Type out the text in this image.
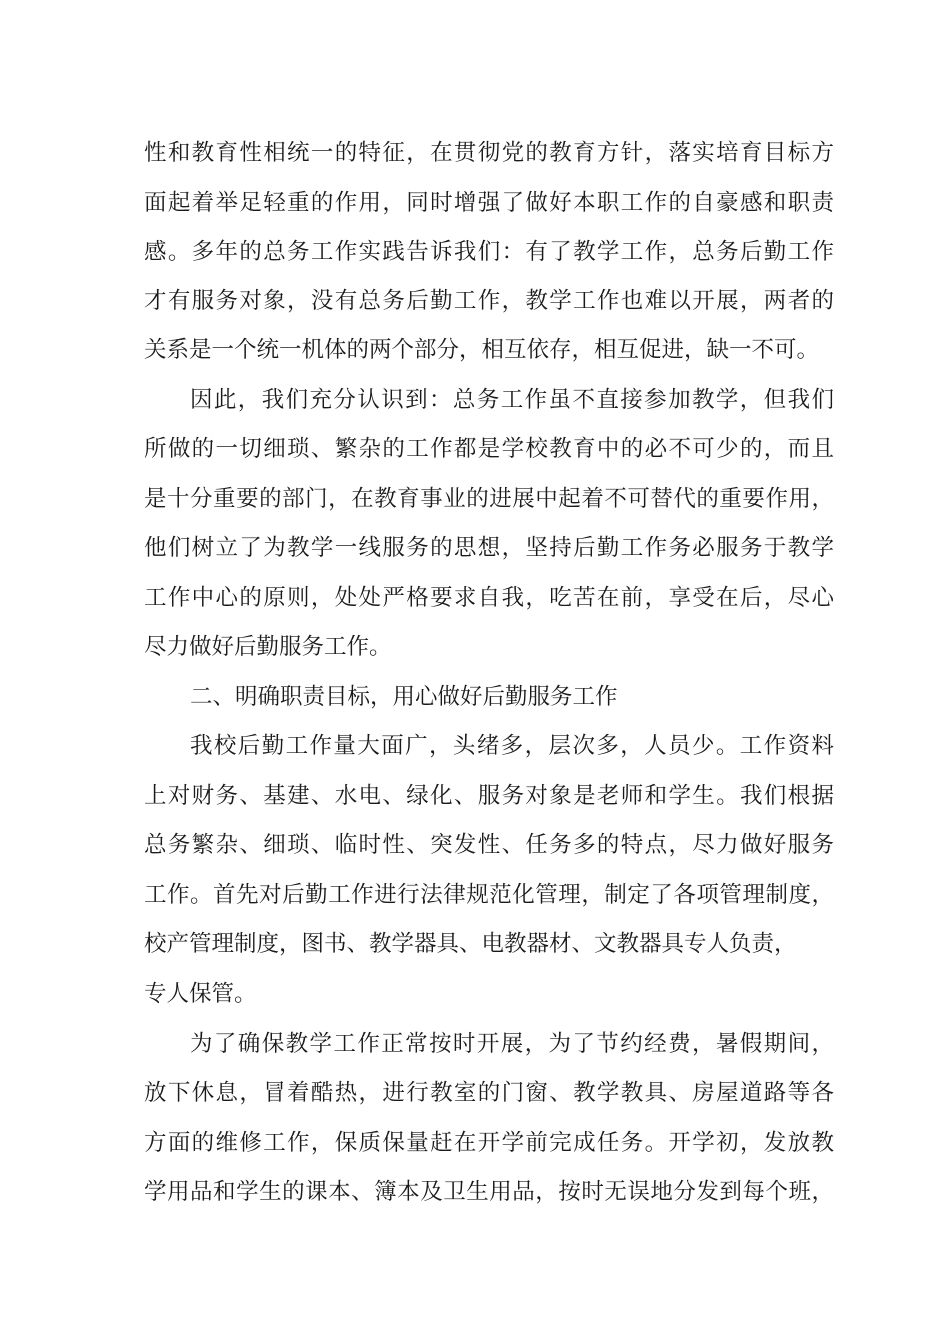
性和教育性相统一的特征，在贯彻党的教育方针，落实培育目标方
面起着举足轻重的作用，同时增强了做好本职工作的自豪感和职责
感。多年的总务工作实践告诉我们：有了教学工作，总务后勤工作
才有服务对象，没有总务后勤工作，教学工作也难以开展，两者的
关系是一个统一机体的两个部分，相互依存，相互促进，缺一不可。
因此，我们充分认识到：总务工作虽不直接参加教学，但我们
所做的一切细琐、繁杂的工作都是学校教育中的必不可少的，而且
是十分重要的部门，在教育事业的进展中起着不可替代的重要作用，
他们树立了为教学一线服务的思想，坚持后勤工作务必服务于教学
工作中心的原则，处处严格要求自我，吃苦在前，享受在后，尽心
尽力做好后勤服务工作。
二、明确职责目标，用心做好后勤服务工作
我校后勤工作量大面广，头绪多，层次多，人员少。工作资料
上对财务、基建、水电、绿化、服务对象是老师和学生。我们根据
总务繁杂、细琐、临时性、突发性、任务多的特点，尽力做好服务
工作。首先对后勤工作进行法律规范化管理，制定了各项管理制度，
校产管理制度，图书、教学器具、电教器材、文教器具专人负责，
专人保管。
为了确保教学工作正常按时开展，为了节约经费，暑假期间，
放下休息，冒着酷热，进行教室的门窗、教学教具、房屋道路等各
方面的维修工作，保质保量赶在开学前完成任务。开学初，发放教
学用品和学生的课本、簿本及卫生用品，按时无误地分发到每个班，
